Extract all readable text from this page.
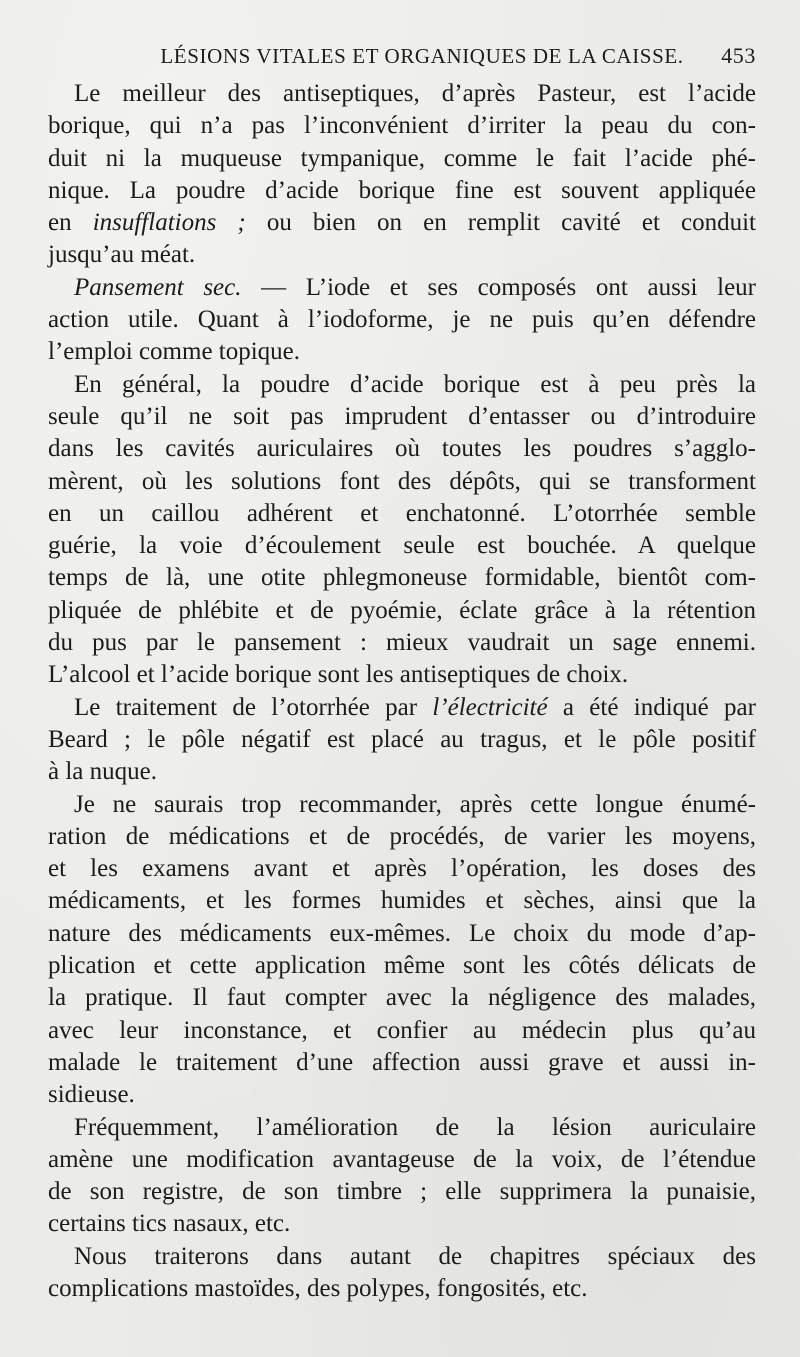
LÉSIONS VITALES ET ORGANIQUES DE LA CAISSE. 453

Le meilleur des antiseptiques, d’après Pasteur, est l’acide
borique, qui n’a pas l’inconvénient d’irriter la peau du con-
duit ni la muqueuse tympanique, comme le fait l’acide phé-
nique. La poudre d’acide borique fine est souvent appliquée
en insufflations ; ou bien on en remplit cavité et conduit
jusqu’au méat.

Pansement sec. — L’iode et ses composés ont aussi leur
action utile. Quant à l’iodoforme, je ne puis qu’en défendre
l’emploi comme topique.

En général, la poudre d’acide borique est à peu près la
seule qu’il ne soit pas imprudent d’entasser ou d’introduire
dans les cavités auriculaires où toutes les poudres s’agglo-
mèrent, où les solutions font des dépôts, qui se transforment
en un caillou adhérent et enchatonné. L’otorrhée semble
guérie, la voie d’écoulement seule est bouchée. A quelque
temps de là, une otite phlegmoneuse formidable, bientôt com-
pliquée de phlébite et de pyoémie, éclate grâce à la rétention
du pus par le pansement : mieux vaudrait un sage ennemi.
L’alcool et l’acide borique sont les antiseptiques de choix.

Le traitement de l’otorrhée par l’électricité a été indiqué par
Beard ; le pôle négatif est placé au tragus, et le pôle positif
à la nuque.

Je ne saurais trop recommander, après cette longue énumé-
ration de médications et de procédés, de varier les moyens,
et les examens avant et après l’opération, les doses des
médicaments, et les formes humides et sèches, ainsi que la
nature des médicaments eux-mêmes. Le choix du mode d’ap-
plication et cette application même sont les côtés délicats de
la pratique. Il faut compter avec la négligence des malades,
avec leur inconstance, et confier au médecin plus qu’au
malade le traitement d’une affection aussi grave et aussi in-
sidieuse.

Fréquemment, l’amélioration de la lésion auriculaire
amène une modification avantageuse de la voix, de l’étendue
de son registre, de son timbre ; elle supprimera la punaisie,
certains tics nasaux, etc.

Nous traiterons dans autant de chapitres spéciaux des
complications mastoïdes, des polypes, fongosités, etc.
